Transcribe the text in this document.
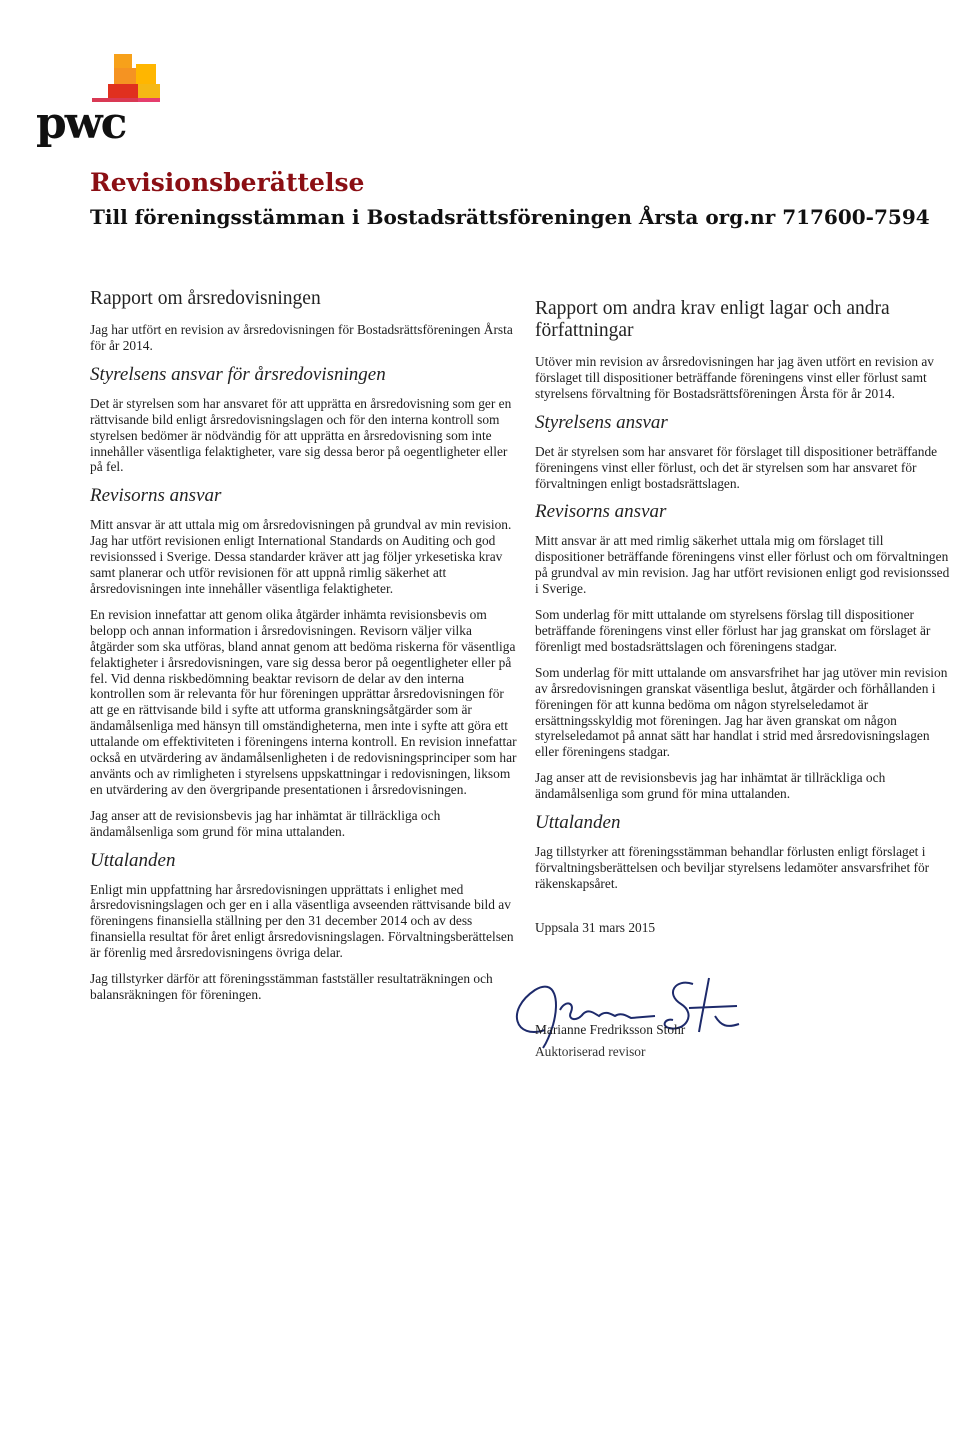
pwc
Revisionsberättelse
Till föreningsstämman i Bostadsrättsföreningen Årsta org.nr 717600-7594
Rapport om årsredovisningen

Jag har utfört en revision av årsredovisningen för Bostadsrättsföreningen Årsta för år 2014.

Styrelsens ansvar för årsredovisningen

Det är styrelsen som har ansvaret för att upprätta en årsredovisning som ger en rättvisande bild enligt årsredovisningslagen och för den interna kontroll som styrelsen bedömer är nödvändig för att upprätta en årsredovisning som inte innehåller väsentliga felaktigheter, vare sig dessa beror på oegentligheter eller på fel.

Revisorns ansvar

Mitt ansvar är att uttala mig om årsredovisningen på grundval av min revision. Jag har utfört revisionen enligt International Standards on Auditing och god revisionssed i Sverige. Dessa standarder kräver att jag följer yrkesetiska krav samt planerar och utför revisionen för att uppnå rimlig säkerhet att årsredovisningen inte innehåller väsentliga felaktigheter.

En revision innefattar att genom olika åtgärder inhämta revisionsbevis om belopp och annan information i årsredovisningen. Revisorn väljer vilka åtgärder som ska utföras, bland annat genom att bedöma riskerna för väsentliga felaktigheter i årsredovisningen, vare sig dessa beror på oegentligheter eller på fel. Vid denna riskbedömning beaktar revisorn de delar av den interna kontrollen som är relevanta för hur föreningen upprättar årsredovisningen för att ge en rättvisande bild i syfte att utforma granskningsåtgärder som är ändamålsenliga med hänsyn till omständigheterna, men inte i syfte att göra ett uttalande om effektiviteten i föreningens interna kontroll. En revision innefattar också en utvärdering av ändamålsenligheten i de redovisningsprinciper som har använts och av rimligheten i styrelsens uppskattningar i redovisningen, liksom en utvärdering av den övergripande presentationen i årsredovisningen.

Jag anser att de revisionsbevis jag har inhämtat är tillräckliga och ändamålsenliga som grund för mina uttalanden.

Uttalanden

Enligt min uppfattning har årsredovisningen upprättats i enlighet med årsredovisningslagen och ger en i alla väsentliga avseenden rättvisande bild av föreningens finansiella ställning per den 31 december 2014 och av dess finansiella resultat för året enligt årsredovisningslagen. Förvaltningsberättelsen är förenlig med årsredovisningens övriga delar.

Jag tillstyrker därför att föreningsstämman fastställer resultaträkningen och balansräkningen för föreningen.

Rapport om andra krav enligt lagar och andra författningar

Utöver min revision av årsredovisningen har jag även utfört en revision av förslaget till dispositioner beträffande föreningens vinst eller förlust samt styrelsens förvaltning för Bostadsrättsföreningen Årsta för år 2014.

Styrelsens ansvar

Det är styrelsen som har ansvaret för förslaget till dispositioner beträffande föreningens vinst eller förlust, och det är styrelsen som har ansvaret för förvaltningen enligt bostadsrättslagen.

Revisorns ansvar

Mitt ansvar är att med rimlig säkerhet uttala mig om förslaget till dispositioner beträffande föreningens vinst eller förlust och om förvaltningen på grundval av min revision. Jag har utfört revisionen enligt god revisionssed i Sverige.

Som underlag för mitt uttalande om styrelsens förslag till dispositioner beträffande föreningens vinst eller förlust har jag granskat om förslaget är förenligt med bostadsrättslagen och föreningens stadgar.

Som underlag för mitt uttalande om ansvarsfrihet har jag utöver min revision av årsredovisningen granskat väsentliga beslut, åtgärder och förhållanden i föreningen för att kunna bedöma om någon styrelseledamot är ersättningsskyldig mot föreningen. Jag har även granskat om någon styrelseledamot på annat sätt har handlat i strid med årsredovisningslagen eller föreningens stadgar.

Jag anser att de revisionsbevis jag har inhämtat är tillräckliga och ändamålsenliga som grund för mina uttalanden.

Uttalanden

Jag tillstyrker att föreningsstämman behandlar förlusten enligt förslaget i förvaltningsberättelsen och beviljar styrelsens ledamöter ansvarsfrihet för räkenskapsåret.

Uppsala 31 mars 2015

Marianne Fredriksson Stohr
Auktoriserad revisor
